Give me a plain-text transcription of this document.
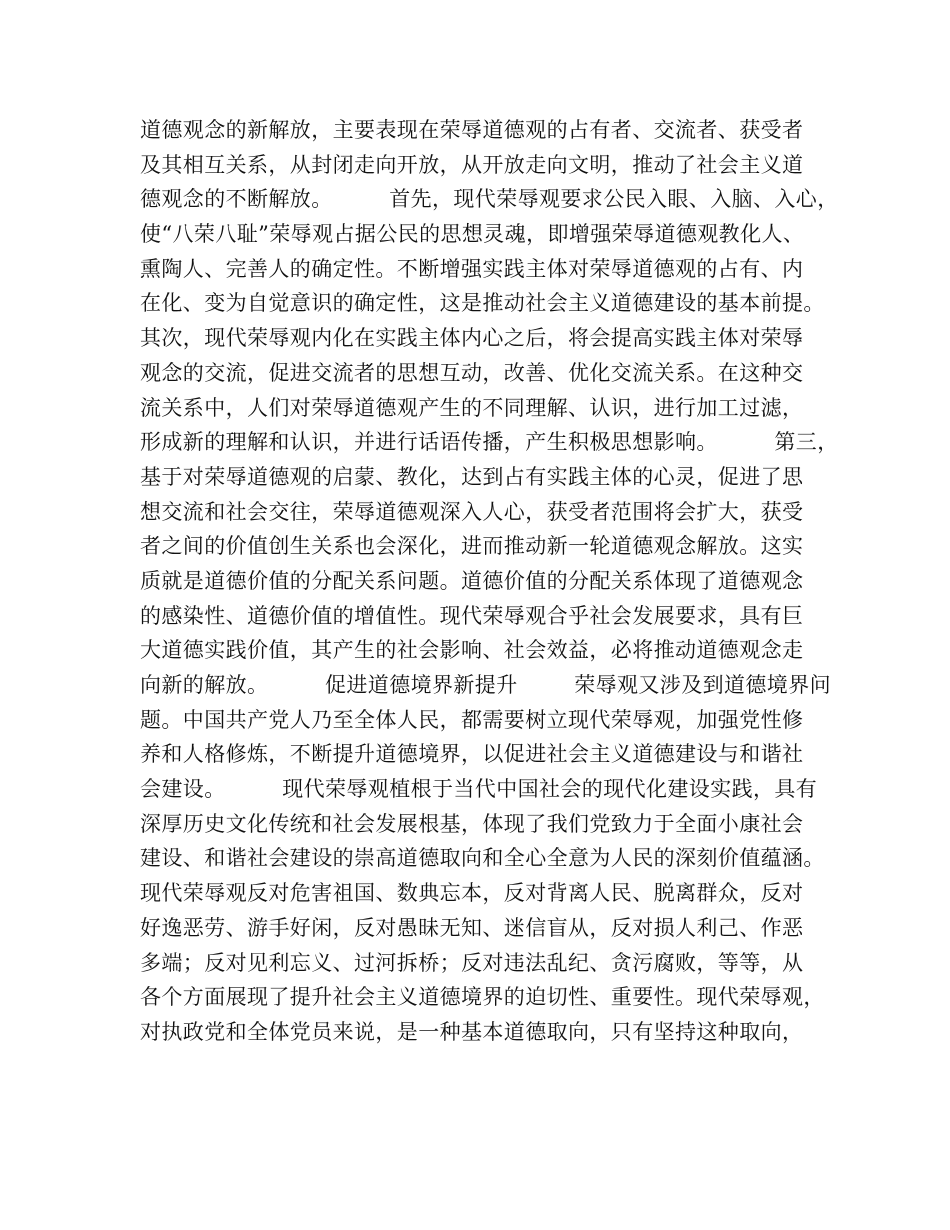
道德观念的新解放，主要表现在荣辱道德观的占有者、交流者、获受者
及其相互关系，从封闭走向开放，从开放走向文明，推动了社会主义道
德观念的不断解放。        首先，现代荣辱观要求公民入眼、入脑、入心，
使“八荣八耻”荣辱观占据公民的思想灵魂，即增强荣辱道德观教化人、
熏陶人、完善人的确定性。不断增强实践主体对荣辱道德观的占有、内
在化、变为自觉意识的确定性，这是推动社会主义道德建设的基本前提。
其次，现代荣辱观内化在实践主体内心之后，将会提高实践主体对荣辱
观念的交流，促进交流者的思想互动，改善、优化交流关系。在这种交
流关系中，人们对荣辱道德观产生的不同理解、认识，进行加工过滤，
形成新的理解和认识，并进行话语传播，产生积极思想影响。        第三，
基于对荣辱道德观的启蒙、教化，达到占有实践主体的心灵，促进了思
想交流和社会交往，荣辱道德观深入人心，获受者范围将会扩大，获受
者之间的价值创生关系也会深化，进而推动新一轮道德观念解放。这实
质就是道德价值的分配关系问题。道德价值的分配关系体现了道德观念
的感染性、道德价值的增值性。现代荣辱观合乎社会发展要求，具有巨
大道德实践价值，其产生的社会影响、社会效益，必将推动道德观念走
向新的解放。        促进道德境界新提升        荣辱观又涉及到道德境界问
题。中国共产党人乃至全体人民，都需要树立现代荣辱观，加强党性修
养和人格修炼，不断提升道德境界，以促进社会主义道德建设与和谐社
会建设。        现代荣辱观植根于当代中国社会的现代化建设实践，具有
深厚历史文化传统和社会发展根基，体现了我们党致力于全面小康社会
建设、和谐社会建设的崇高道德取向和全心全意为人民的深刻价值蕴涵。
现代荣辱观反对危害祖国、数典忘本，反对背离人民、脱离群众，反对
好逸恶劳、游手好闲，反对愚昧无知、迷信盲从，反对损人利己、作恶
多端；反对见利忘义、过河拆桥；反对违法乱纪、贪污腐败，等等，从
各个方面展现了提升社会主义道德境界的迫切性、重要性。现代荣辱观，
对执政党和全体党员来说，是一种基本道德取向，只有坚持这种取向，
